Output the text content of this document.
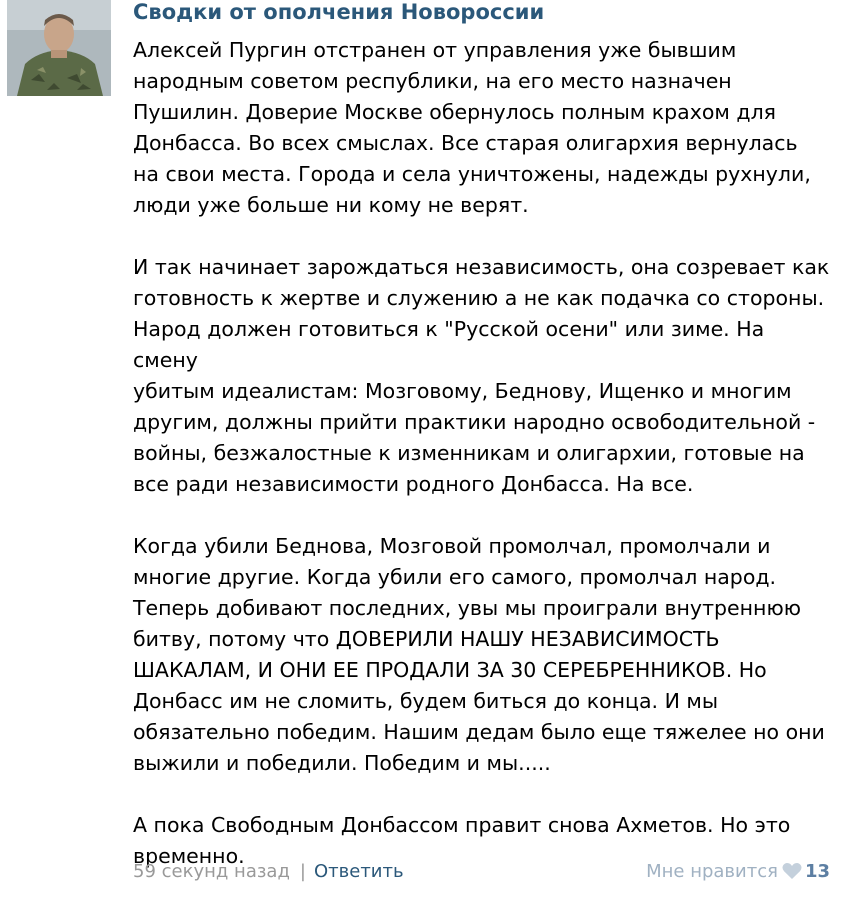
Сводки от ополчения Новороссии

Алексей Пургин отстранен от управления уже бывшим
народным советом республики, на его место назначен
Пушилин. Доверие Москве обернулось полным крахом для
Донбасса. Во всех смыслах. Все старая олигархия вернулась
на свои места. Города и села уничтожены, надежды рухнули,
люди уже больше ни кому не верят.

И так начинает зарождаться независимость, она созревает как
готовность к жертве и служению а не как подачка со стороны.
Народ должен готовиться к "Русской осени" или зиме. На смену
убитым идеалистам: Мозговому, Беднову, Ищенко и многим
другим, должны прийти практики народно освободительной -
войны, безжалостные к изменникам и олигархии, готовые на
все ради независимости родного Донбасса. На все.

Когда убили Беднова, Мозговой промолчал, промолчали и
многие другие. Когда убили его самого, промолчал народ.
Теперь добивают последних, увы мы проиграли внутреннюю
битву, потому что ДОВЕРИЛИ НАШУ НЕЗАВИСИМОСТЬ
ШАКАЛАМ, И ОНИ ЕЕ ПРОДАЛИ ЗА 30 СЕРЕБРЕННИКОВ. Но
Донбасс им не сломить, будем биться до конца. И мы
обязательно победим. Нашим дедам было еще тяжелее но они
выжили и победили. Победим и мы.....

А пока Свободным Донбассом правит снова Ахметов. Но это
временно.

59 секунд назад | Ответить	Мне нравится 13
